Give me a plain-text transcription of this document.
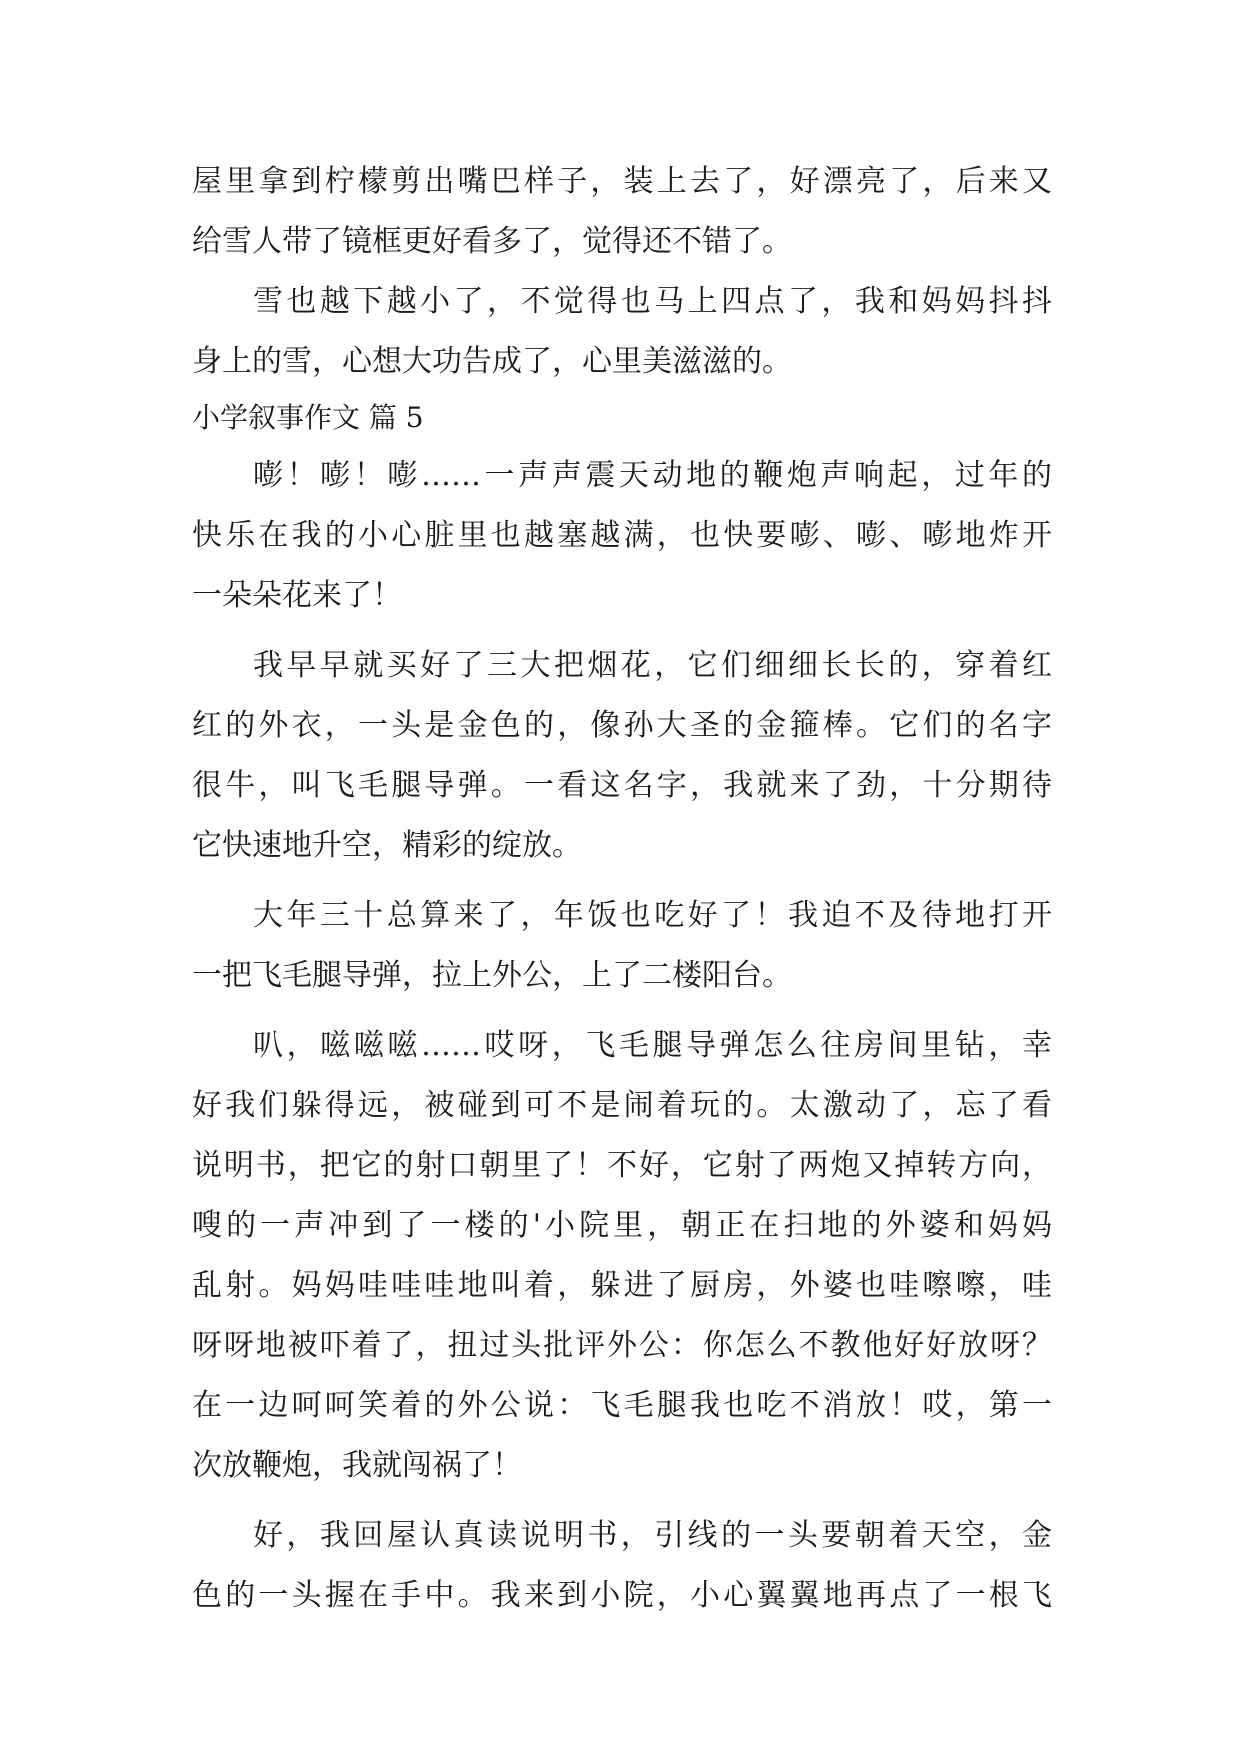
屋里拿到柠檬剪出嘴巴样子，装上去了，好漂亮了，后来又
给雪人带了镜框更好看多了，觉得还不错了。
雪也越下越小了，不觉得也马上四点了，我和妈妈抖抖
身上的雪，心想大功告成了，心里美滋滋的。
小学叙事作文 篇 5
嘭！嘭！嘭……一声声震天动地的鞭炮声响起，过年的
快乐在我的小心脏里也越塞越满，也快要嘭、嘭、嘭地炸开
一朵朵花来了！
我早早就买好了三大把烟花，它们细细长长的，穿着红
红的外衣，一头是金色的，像孙大圣的金箍棒。它们的名字
很牛，叫飞毛腿导弹。一看这名字，我就来了劲，十分期待
它快速地升空，精彩的绽放。
大年三十总算来了，年饭也吃好了！我迫不及待地打开
一把飞毛腿导弹，拉上外公，上了二楼阳台。
叭，嗞嗞嗞……哎呀，飞毛腿导弹怎么往房间里钻，幸
好我们躲得远，被碰到可不是闹着玩的。太激动了，忘了看
说明书，把它的射口朝里了！不好，它射了两炮又掉转方向，
嗖的一声冲到了一楼的'小院里，朝正在扫地的外婆和妈妈
乱射。妈妈哇哇哇地叫着，躲进了厨房，外婆也哇嚓嚓，哇
呀呀地被吓着了，扭过头批评外公：你怎么不教他好好放呀？
在一边呵呵笑着的外公说：飞毛腿我也吃不消放！哎，第一
次放鞭炮，我就闯祸了！
好，我回屋认真读说明书，引线的一头要朝着天空，金
色的一头握在手中。我来到小院，小心翼翼地再点了一根飞
